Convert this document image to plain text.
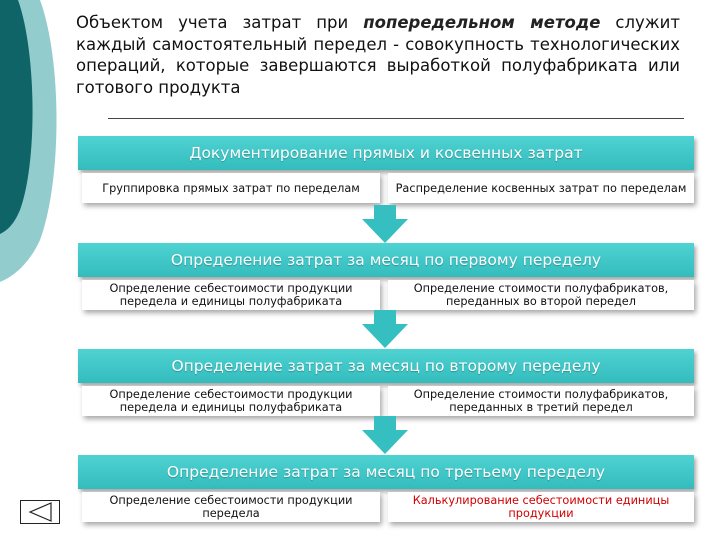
Объектом учета затрат при попередельном методе служит каждый самостоятельный передел - совокупность технологических операций, которые завершаются выработкой полуфабриката или готового продукта
Документирование прямых и косвенных затрат
Группировка прямых затрат по переделам	Распределение косвенных затрат по переделам
Определение затрат за месяц по первому переделу
Определение себестоимости продукции передела и единицы полуфабриката
Определение стоимости полуфабрикатов, переданных во второй передел
Определение затрат за месяц по второму переделу
Определение себестоимости продукции передела и единицы полуфабриката
Определение стоимости полуфабрикатов, переданных в третий передел
Определение затрат за месяц по третьему переделу
Определение себестоимости продукции передела
Калькулирование себестоимости единицы продукции
